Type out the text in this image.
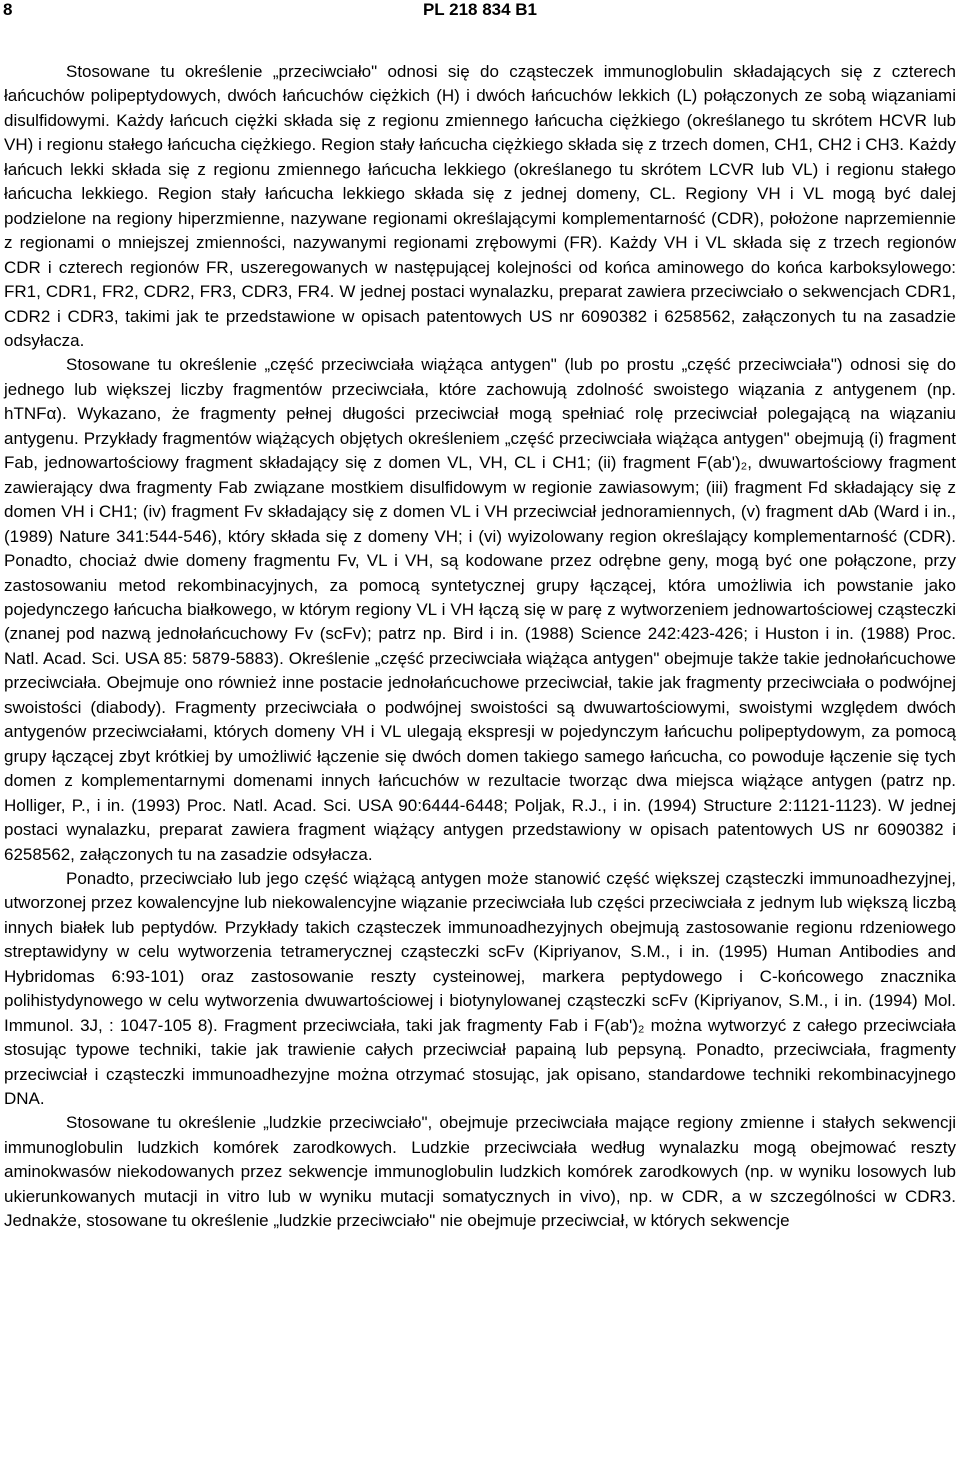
8	PL 218 834 B1

Stosowane tu określenie „przeciwciało" odnosi się do cząsteczek immunoglobulin składających się z czterech łańcuchów polipeptydowych, dwóch łańcuchów ciężkich (H) i dwóch łańcuchów lekkich (L) połączonych ze sobą wiązaniami disulfidowymi. Każdy łańcuch ciężki składa się z regionu zmiennego łańcucha ciężkiego (określanego tu skrótem HCVR lub VH) i regionu stałego łańcucha ciężkiego. Region stały łańcucha ciężkiego składa się z trzech domen, CH1, CH2 i CH3. Każdy łańcuch lekki składa się z regionu zmiennego łańcucha lekkiego (określanego tu skrótem LCVR lub VL) i regionu stałego łańcucha lekkiego. Region stały łańcucha lekkiego składa się z jednej domeny, CL. Regiony VH i VL mogą być dalej podzielone na regiony hiperzmienne, nazywane regionami określającymi komplementarność (CDR), położone naprzemiennie z regionami o mniejszej zmienności, nazywanymi regionami zrębowymi (FR). Każdy VH i VL składa się z trzech regionów CDR i czterech regionów FR, uszeregowanych w następującej kolejności od końca aminowego do końca karboksylowego: FR1, CDR1, FR2, CDR2, FR3, CDR3, FR4. W jednej postaci wynalazku, preparat zawiera przeciwciało o sekwencjach CDR1, CDR2 i CDR3, takimi jak te przedstawione w opisach patentowych US nr 6090382 i 6258562, załączonych tu na zasadzie odsyłacza.

Stosowane tu określenie „część przeciwciała wiążąca antygen" (lub po prostu „część przeciwciała") odnosi się do jednego lub większej liczby fragmentów przeciwciała, które zachowują zdolność swoistego wiązania z antygenem (np. hTNFα). Wykazano, że fragmenty pełnej długości przeciwciał mogą spełniać rolę przeciwciał polegającą na wiązaniu antygenu. Przykłady fragmentów wiążących objętych określeniem „część przeciwciała wiążąca antygen" obejmują (i) fragment Fab, jednowartościowy fragment składający się z domen VL, VH, CL i CH1; (ii) fragment F(ab')₂, dwuwartościowy fragment zawierający dwa fragmenty Fab związane mostkiem disulfidowym w regionie zawiasowym; (iii) fragment Fd składający się z domen VH i CH1; (iv) fragment Fv składający się z domen VL i VH przeciwciał jednoramiennych, (v) fragment dAb (Ward i in., (1989) Nature 341:544-546), który składa się z domeny VH; i (vi) wyizolowany region określający komplementarność (CDR). Ponadto, chociaż dwie domeny fragmentu Fv, VL i VH, są kodowane przez odrębne geny, mogą być one połączone, przy zastosowaniu metod rekombinacyjnych, za pomocą syntetycznej grupy łączącej, która umożliwia ich powstanie jako pojedynczego łańcucha białkowego, w którym regiony VL i VH łączą się w parę z wytworzeniem jednowartościowej cząsteczki (znanej pod nazwą jednołańcuchowy Fv (scFv); patrz np. Bird i in. (1988) Science 242:423-426; i Huston i in. (1988) Proc. Natl. Acad. Sci. USA 85: 5879-5883). Określenie „część przeciwciała wiążąca antygen" obejmuje także takie jednołańcuchowe przeciwciała. Obejmuje ono również inne postacie jednołańcuchowe przeciwciał, takie jak fragmenty przeciwciała o podwójnej swoistości (diabody). Fragmenty przeciwciała o podwójnej swoistości są dwuwartościowymi, swoistymi względem dwóch antygenów przeciwciałami, których domeny VH i VL ulegają ekspresji w pojedynczym łańcuchu polipeptydowym, za pomocą grupy łączącej zbyt krótkiej by umożliwić łączenie się dwóch domen takiego samego łańcucha, co powoduje łączenie się tych domen z komplementarnymi domenami innych łańcuchów w rezultacie tworząc dwa miejsca wiążące antygen (patrz np. Holliger, P., i in. (1993) Proc. Natl. Acad. Sci. USA 90:6444-6448; Poljak, R.J., i in. (1994) Structure 2:1121-1123). W jednej postaci wynalazku, preparat zawiera fragment wiążący antygen przedstawiony w opisach patentowych US nr 6090382 i 6258562, załączonych tu na zasadzie odsyłacza.

Ponadto, przeciwciało lub jego część wiążącą antygen może stanowić część większej cząsteczki immunoadhezyjnej, utworzonej przez kowalencyjne lub niekowalencyjne wiązanie przeciwciała lub części przeciwciała z jednym lub większą liczbą innych białek lub peptydów. Przykłady takich cząsteczek immunoadhezyjnych obejmują zastosowanie regionu rdzeniowego streptawidyny w celu wytworzenia tetramerycznej cząsteczki scFv (Kipriyanov, S.M., i in. (1995) Human Antibodies and Hybridomas 6:93-101) oraz zastosowanie reszty cysteinowej, markera peptydowego i C-końcowego znacznika polihistydynowego w celu wytworzenia dwuwartościowej i biotynylowanej cząsteczki scFv (Kipriyanov, S.M., i in. (1994) Mol. Immunol. 3J, : 1047-105 8). Fragment przeciwciała, taki jak fragmenty Fab i F(ab')₂ można wytworzyć z całego przeciwciała stosując typowe techniki, takie jak trawienie całych przeciwciał papainą lub pepsyną. Ponadto, przeciwciała, fragmenty przeciwciał i cząsteczki immunoadhezyjne można otrzymać stosując, jak opisano, standardowe techniki rekombinacyjnego DNA.

Stosowane tu określenie „ludzkie przeciwciało", obejmuje przeciwciała mające regiony zmienne i stałych sekwencji immunoglobulin ludzkich komórek zarodkowych. Ludzkie przeciwciała według wynalazku mogą obejmować reszty aminokwasów niekodowanych przez sekwencje immunoglobulin ludzkich komórek zarodkowych (np. w wyniku losowych lub ukierunkowanych mutacji in vitro lub w wyniku mutacji somatycznych in vivo), np. w CDR, a w szczególności w CDR3. Jednakże, stosowane tu określenie „ludzkie przeciwciało" nie obejmuje przeciwciał, w których sekwencje
